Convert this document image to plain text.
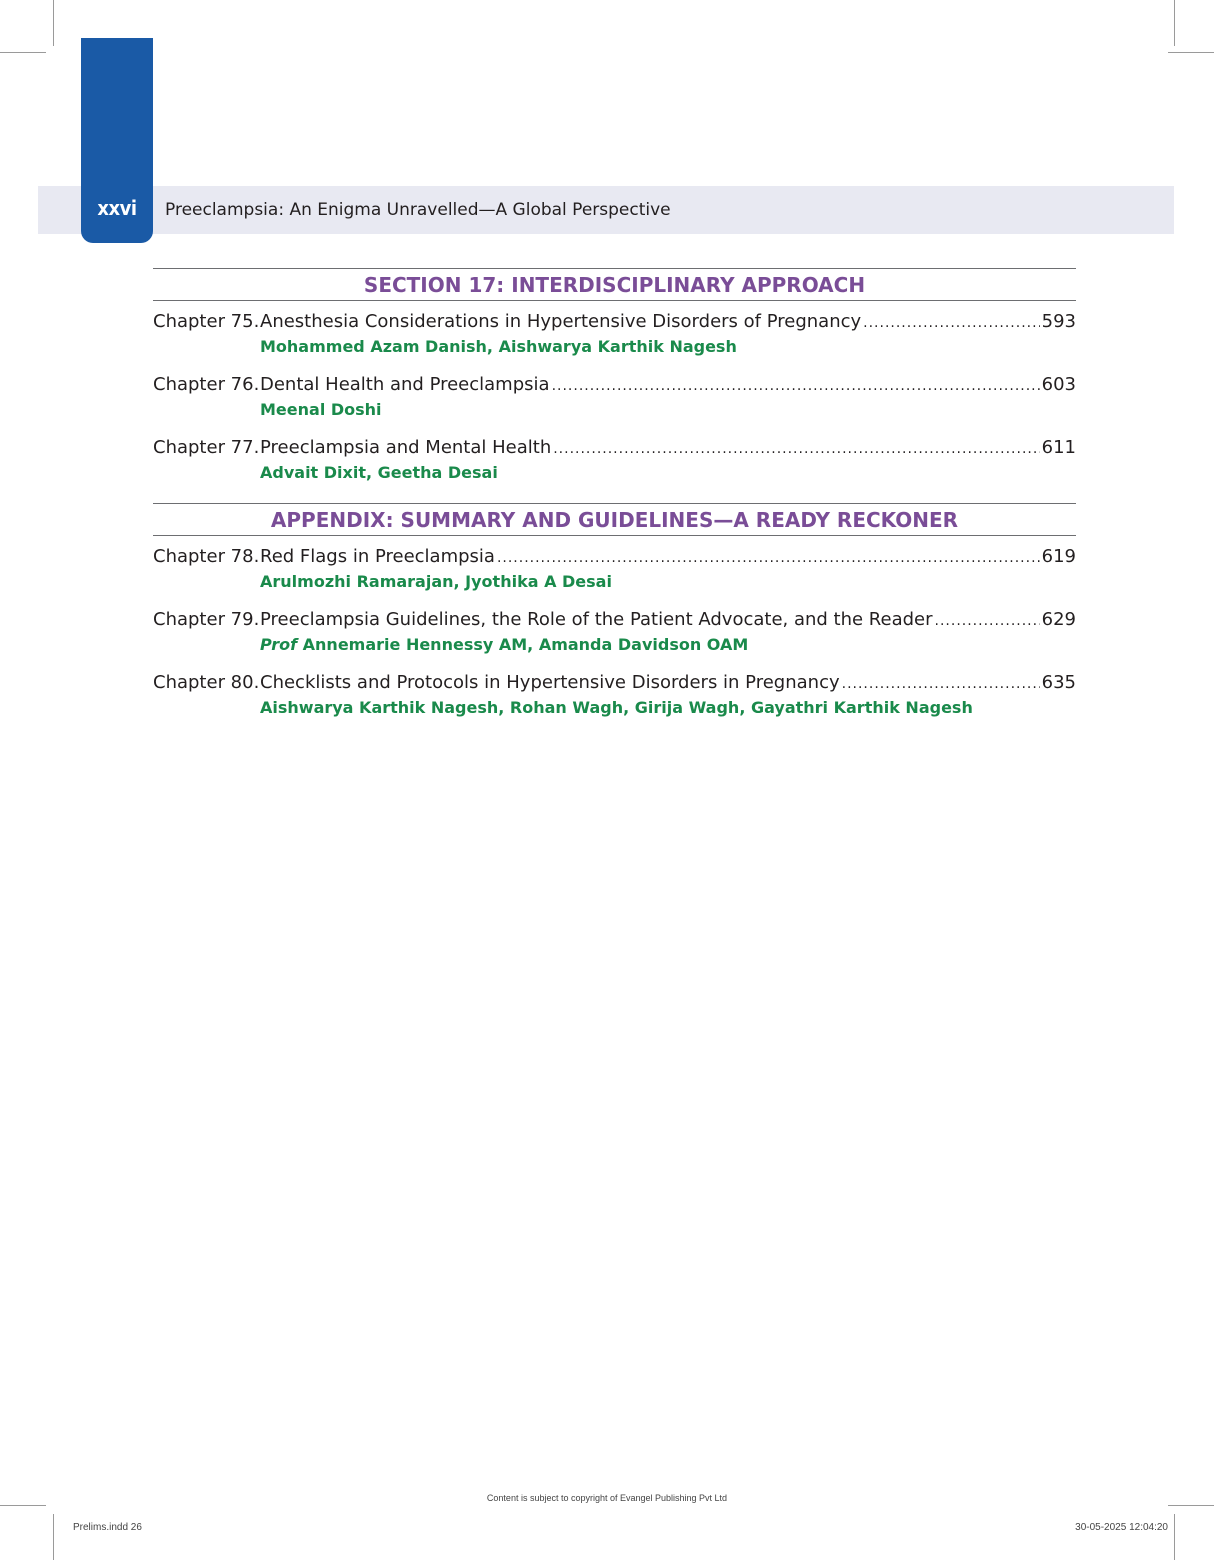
xxvi	Preeclampsia: An Enigma Unravelled—A Global Perspective
SECTION 17: INTERDISCIPLINARY APPROACH
Chapter 75. Anesthesia Considerations in Hypertensive Disorders of Pregnancy .....	593
Mohammed Azam Danish, Aishwarya Karthik Nagesh
Chapter 76. Dental Health and Preeclampsia .....	603
Meenal Doshi
Chapter 77. Preeclampsia and Mental Health .....	611
Advait Dixit, Geetha Desai
APPENDIX: SUMMARY AND GUIDELINES—A READY RECKONER
Chapter 78. Red Flags in Preeclampsia .....	619
Arulmozhi Ramarajan, Jyothika A Desai
Chapter 79. Preeclampsia Guidelines, the Role of the Patient Advocate, and the Reader .....	629
Prof Annemarie Hennessy AM, Amanda Davidson OAM
Chapter 80. Checklists and Protocols in Hypertensive Disorders in Pregnancy .....	635
Aishwarya Karthik Nagesh, Rohan Wagh, Girija Wagh, Gayathri Karthik Nagesh
Content is subject to copyright of Evangel Publishing Pvt Ltd
Prelims.indd 26	30-05-2025 12:04:20
